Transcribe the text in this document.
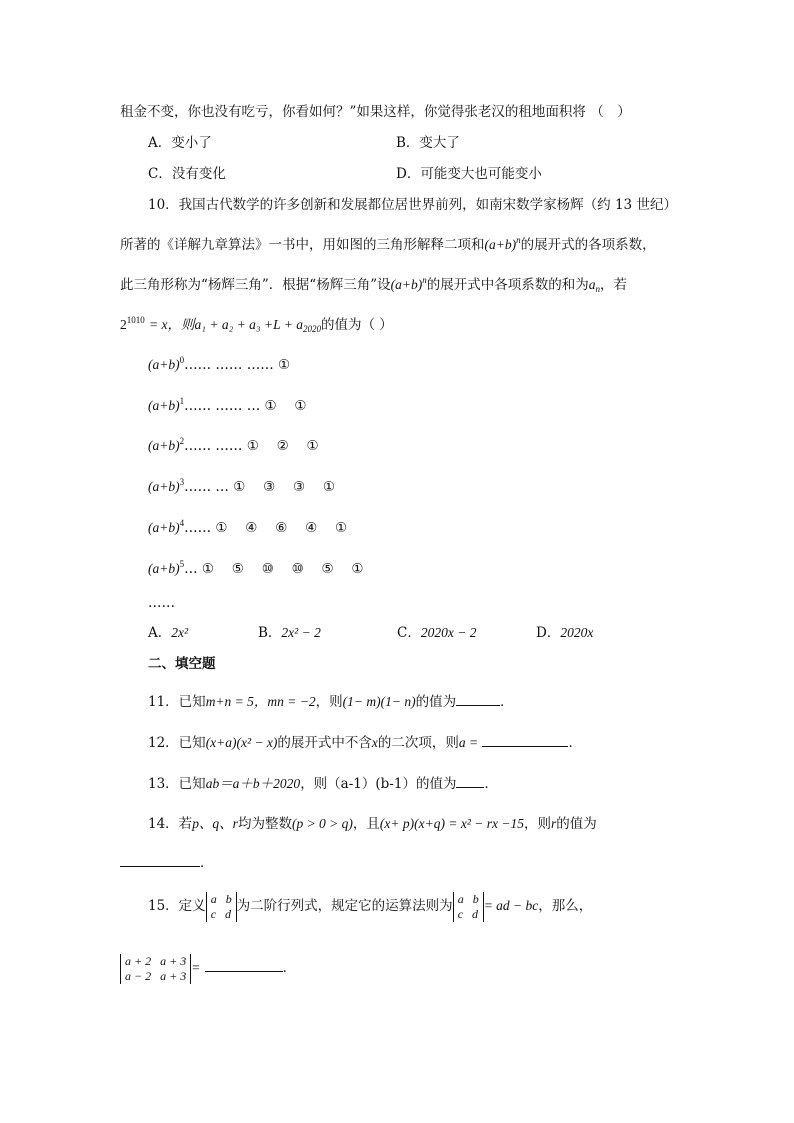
租金不变，你也没有吃亏，你看如何？”如果这样，你觉得张老汉的租地面积将 （　）
A．变小了	B．变大了
C．没有变化	D．可能变大也可能变小
10．我国古代数学的许多创新和发展都位居世界前列，如南宋数学家杨辉（约 13 世纪）
所著的《详解九章算法》一书中，用如图的三角形解释二项和$(a+b)^n$的展开式的各项系数，
此三角形称为“杨辉三角”．根据“杨辉三角”设$(a+b)^n$的展开式中各项系数的和为$a_n$，若
$2^{1010} = x$，则$a_1 + a_2 + a_3 +L + a_{2020}$的值为（ ）
$(a+b)^0\dots\dots$ …… …… ①
$(a+b)^1\dots\dots$ …… … ①　 ①
$(a+b)^2\dots\dots$ …… ①　 ②　 ①
$(a+b)^3\dots\dots$ … ①　 ③　 ③　 ①
$(a+b)^4\dots\dots$ ①　 ④　 ⑥　 ④　 ①
$(a+b)^5\dots$ ①　 ⑤　 ⑩　 ⑩　 ⑤　 ①
……
A．2x²	B．2x² − 2	C．2020x − 2	D．2020x
二、填空题
11．已知m+n = 5，mn = −2，则(1− m)(1− n)的值为	．
12．已知(x+a)(x² − x)的展开式中不含x的二次项，则a =	．
13．已知ab＝a＋b＋2020，则（a-1）(b-1）的值为 ．
14．若p、q、r均为整数(p > 0 > q)，且(x+ p)(x+q) = x² − rx −15，则r的值为
．
15．定义 a b
c d 为二阶行列式，规定它的运算法则为 a b
c d= ad − bc，那么，
a + 2 a + 3
a − 2 a + 3=	．
